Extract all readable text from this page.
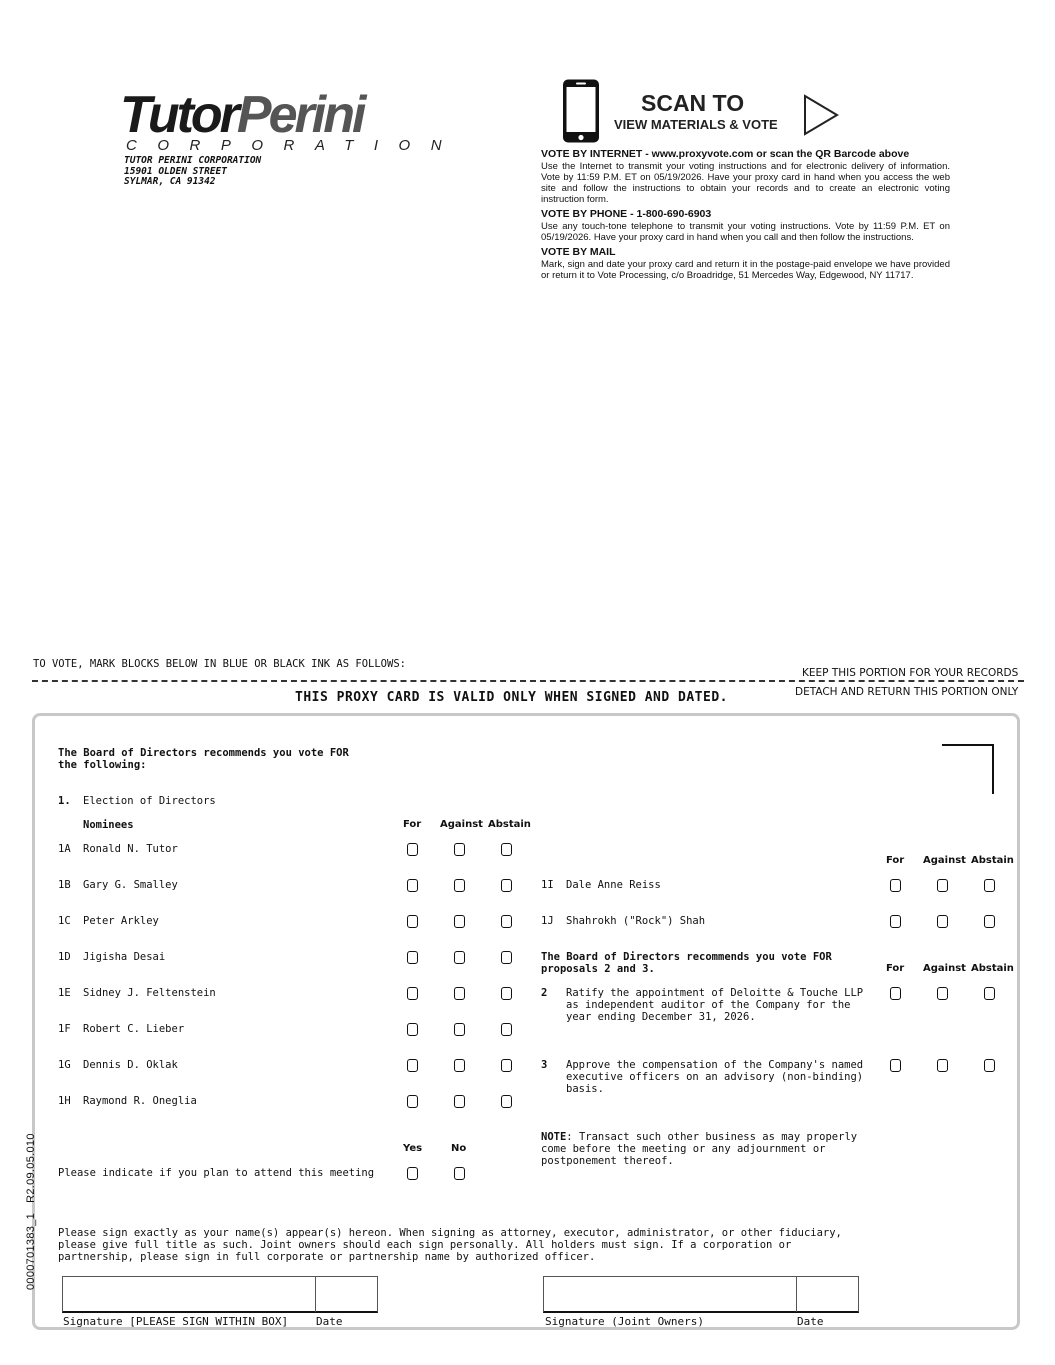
TutorPerini
CORPORATION
TUTOR PERINI CORPORATION
15901 OLDEN STREET
SYLMAR, CA 91342
SCAN TO
VIEW MATERIALS & VOTE
VOTE BY INTERNET - www.proxyvote.com or scan the QR Barcode above

Use the Internet to transmit your voting instructions and for electronic delivery of information. Vote by 11:59 P.M. ET on 05/19/2026. Have your proxy card in hand when you access the web site and follow the instructions to obtain your records and to create an electronic voting instruction form.

VOTE BY PHONE - 1-800-690-6903

Use any touch-tone telephone to transmit your voting instructions. Vote by 11:59 P.M. ET on 05/19/2026. Have your proxy card in hand when you call and then follow the instructions.

VOTE BY MAIL

Mark, sign and date your proxy card and return it in the postage-paid envelope we have provided or return it to Vote Processing, c/o Broadridge, 51 Mercedes Way, Edgewood, NY 11717.

TO VOTE, MARK BLOCKS BELOW IN BLUE OR BLACK INK AS FOLLOWS:
KEEP THIS PORTION FOR YOUR RECORDS
THIS PROXY CARD IS VALID ONLY WHEN SIGNED AND DATED.	DETACH AND RETURN THIS PORTION ONLY
The Board of Directors recommends you vote FOR
the following:
1. Election of Directors
Nominees	For Against Abstain
1A Ronald N. Tutor
1B Gary G. Smalley
1C Peter Arkley
1D Jigisha Desai
1E Sidney J. Feltenstein
1F Robert C. Lieber
1G Dennis D. Oklak
1H Raymond R. Oneglia
For Against Abstain
1I Dale Anne Reiss
1J Shahrokh ("Rock") Shah
The Board of Directors recommends you vote FOR
proposals 2 and 3.	For Against Abstain
2 Ratify the appointment of Deloitte & Touche LLP
as independent auditor of the Company for the
year ending December 31, 2026.
3 Approve the compensation of the Company's named
executive officers on an advisory (non-binding)
basis.
NOTE: Transact such other business as may properly
come before the meeting or any adjournment or
postponement thereof.
Yes	No
Please indicate if you plan to attend this meeting
Please sign exactly as your name(s) appear(s) hereon. When signing as attorney, executor, administrator, or other fiduciary,
please give full title as such. Joint owners should each sign personally. All holders must sign. If a corporation or
partnership, please sign in full corporate or partnership name by authorized officer.
Signature [PLEASE SIGN WITHIN BOX]	Date	Signature (Joint Owners)	Date
0000701383_1   R2.09.05.010
